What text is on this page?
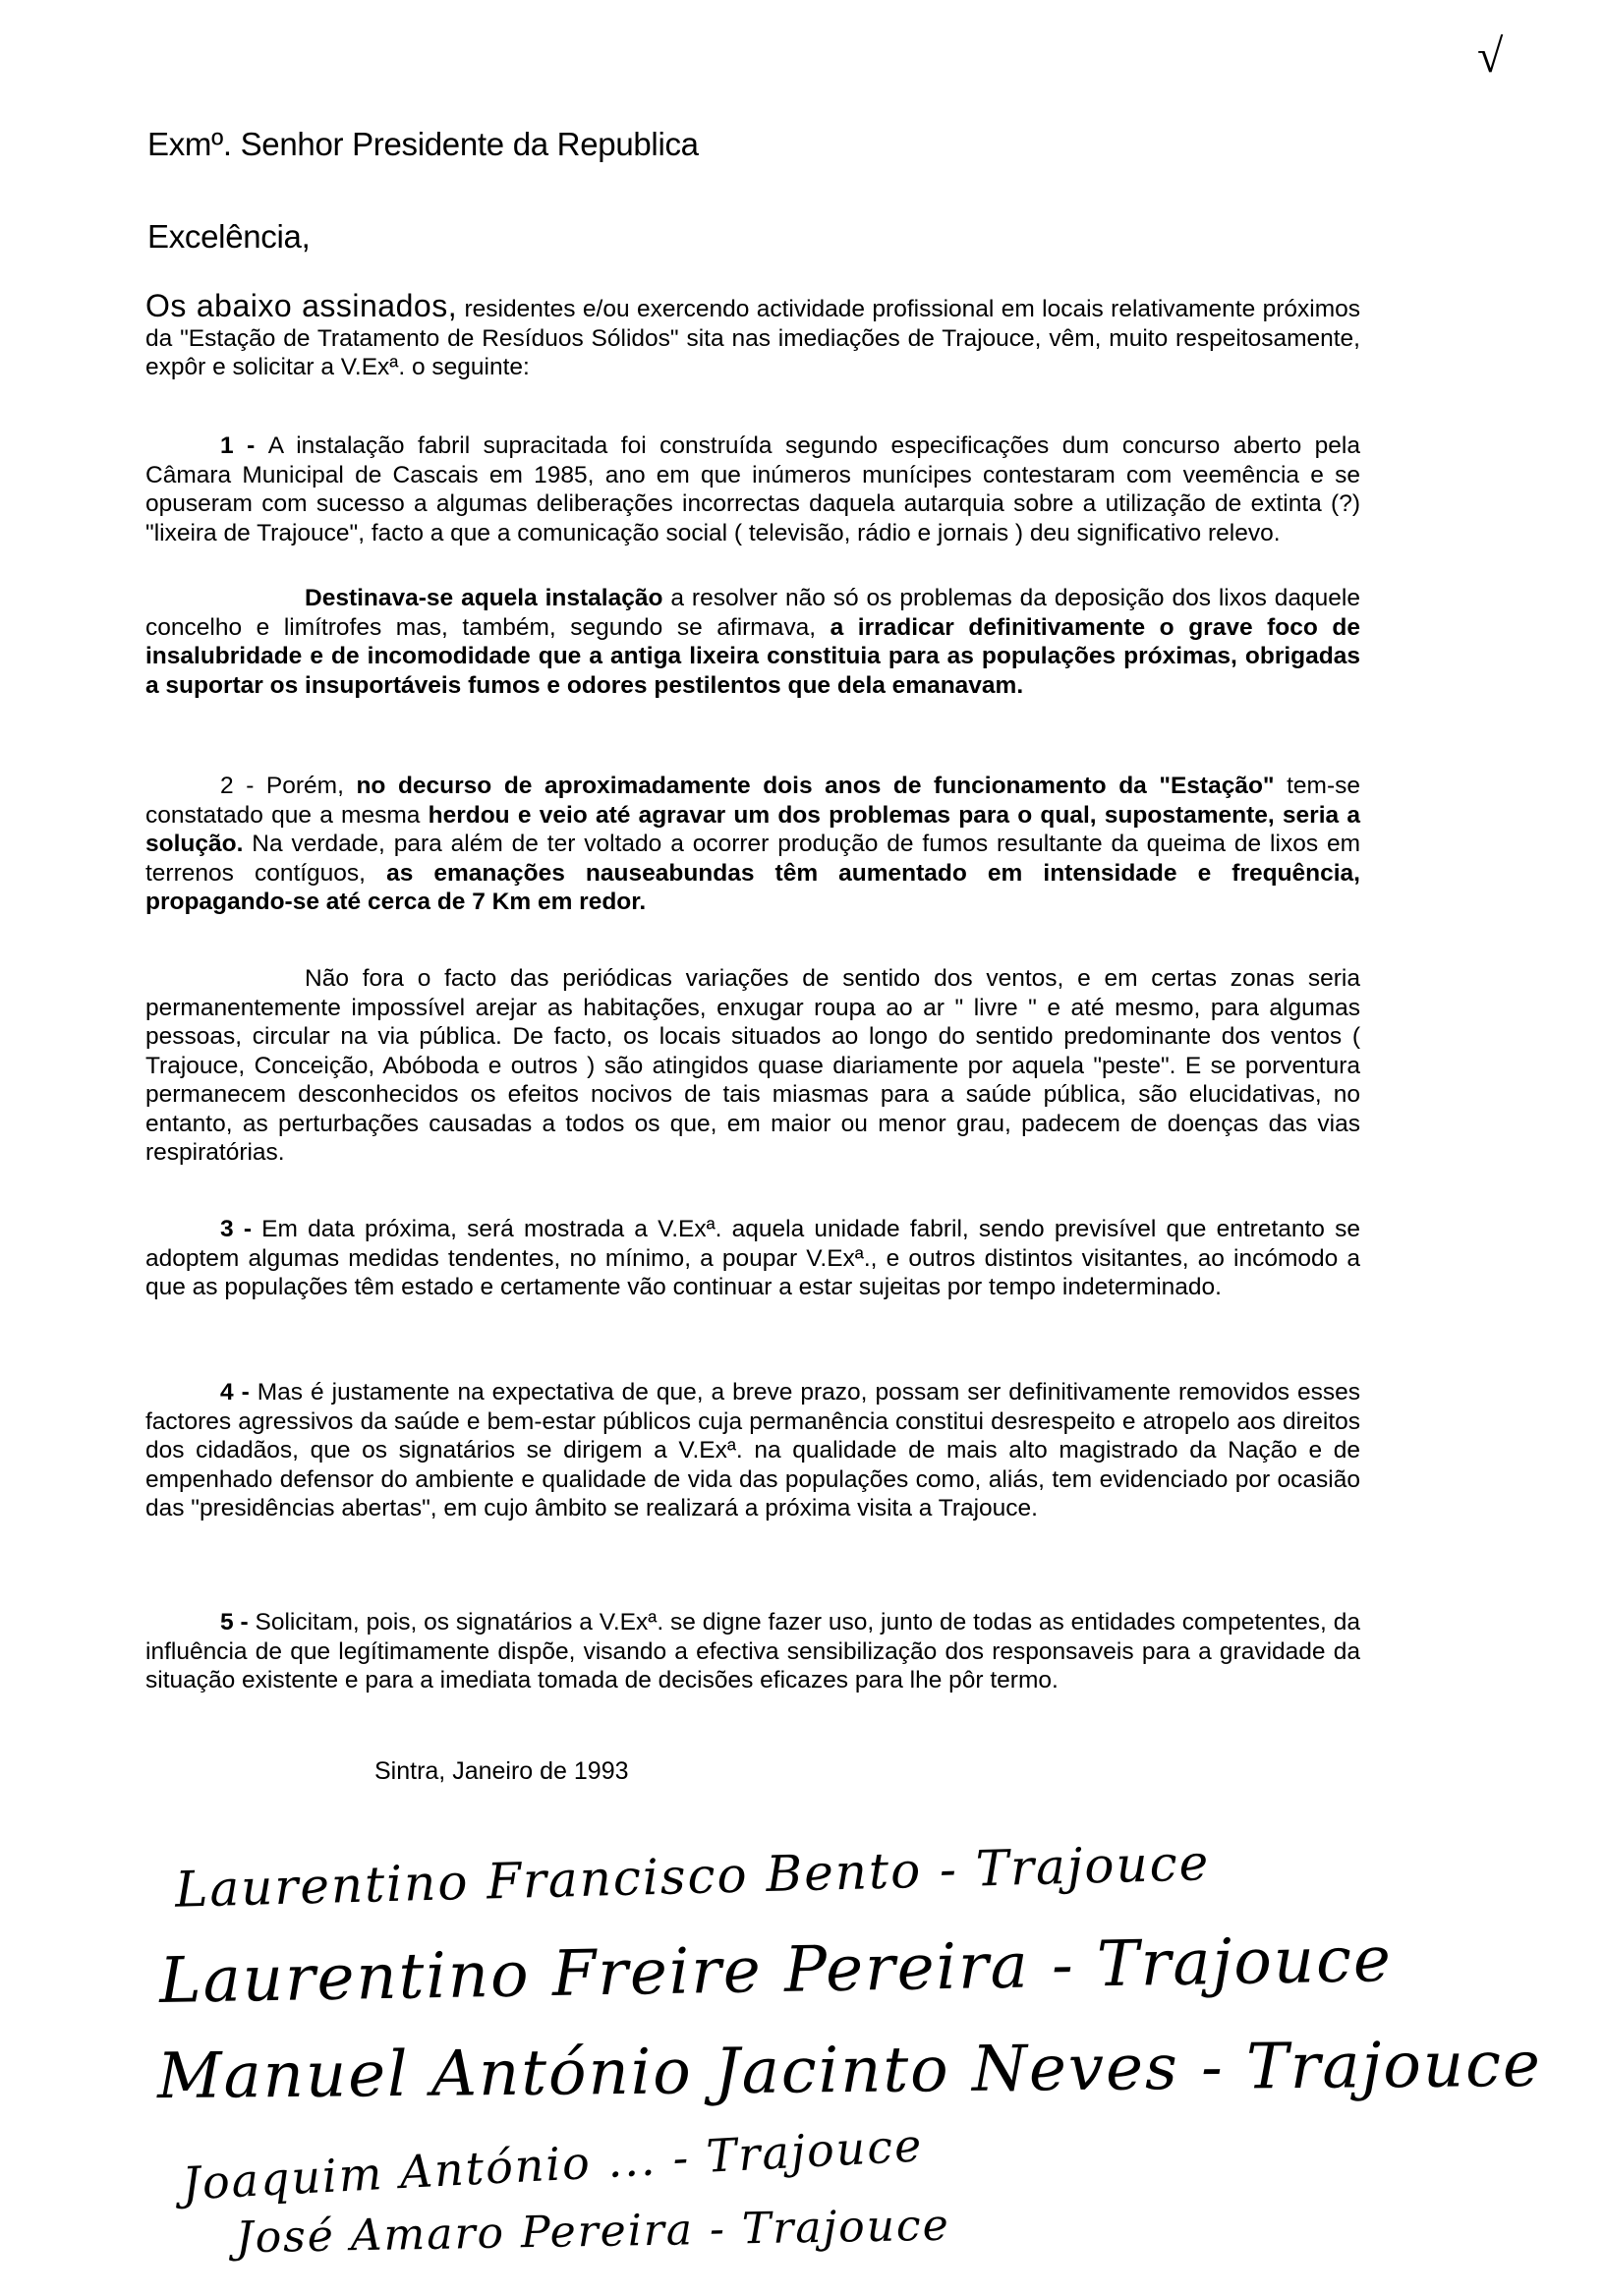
√
Exmº. Senhor Presidente da Republica
Excelência,
Os abaixo assinados, residentes e/ou exercendo actividade profissional em locais relativamente próximos da "Estação de Tratamento de Resíduos Sólidos" sita nas imediações de Trajouce, vêm, muito respeitosamente, expôr e solicitar a V.Exª. o seguinte:
1 - A instalação fabril supracitada foi construída segundo especificações dum concurso aberto pela Câmara Municipal de Cascais em 1985, ano em que inúmeros munícipes contestaram com veemência e se opuseram com sucesso a algumas deliberações incorrectas daquela autarquia sobre a utilização de extinta (?) "lixeira de Trajouce", facto a que a comunicação social ( televisão, rádio e jornais ) deu significativo relevo.
Destinava-se aquela instalação a resolver não só os problemas da deposição dos lixos daquele concelho e limítrofes mas, também, segundo se afirmava, a irradicar definitivamente o grave foco de insalubridade e de incomodidade que a antiga lixeira constituia para as populações próximas, obrigadas a suportar os insuportáveis fumos e odores pestilentos que dela emanavam.
2 - Porém, no decurso de aproximadamente dois anos de funcionamento da "Estação" tem-se constatado que a mesma herdou e veio até agravar um dos problemas para o qual, supostamente, seria a solução. Na verdade, para além de ter voltado a ocorrer produção de fumos resultante da queima de lixos em terrenos contíguos, as emanações nauseabundas têm aumentado em intensidade e frequência, propagando-se até cerca de 7 Km em redor.
Não fora o facto das periódicas variações de sentido dos ventos, e em certas zonas seria permanentemente impossível arejar as habitações, enxugar roupa ao ar " livre " e até mesmo, para algumas pessoas, circular na via pública. De facto, os locais situados ao longo do sentido predominante dos ventos ( Trajouce, Conceição, Abóboda e outros ) são atingidos quase diariamente por aquela "peste". E se porventura permanecem desconhecidos os efeitos nocivos de tais miasmas para a saúde pública, são elucidativas, no entanto, as perturbações causadas a todos os que, em maior ou menor grau, padecem de doenças das vias respiratórias.
3 - Em data próxima, será mostrada a V.Exª. aquela unidade fabril, sendo previsível que entretanto se adoptem algumas medidas tendentes, no mínimo, a poupar V.Exª., e outros distintos visitantes, ao incómodo a que as populações têm estado e certamente vão continuar a estar sujeitas por tempo indeterminado.
4 - Mas é justamente na expectativa de que, a breve prazo, possam ser definitivamente removidos esses factores agressivos da saúde e bem-estar públicos cuja permanência constitui desrespeito e atropelo aos direitos dos cidadãos, que os signatários se dirigem a V.Exª. na qualidade de mais alto magistrado da Nação e de empenhado defensor do ambiente e qualidade de vida das populações como, aliás, tem evidenciado por ocasião das "presidências abertas", em cujo âmbito se realizará a próxima visita a Trajouce.
5 - Solicitam, pois, os signatários a V.Exª. se digne fazer uso, junto de todas as entidades competentes, da influência de que legítimamente dispõe, visando a efectiva sensibilização dos responsaveis para a gravidade da situação existente e para a imediata tomada de decisões eficazes para lhe pôr termo.
Sintra, Janeiro de 1993
Laurentino Francisco Bento - Trajouce
Laurentino Freire Pereira - Trajouce
Manuel António Jacinto Neves - Trajouce
Joaquim António ... - Trajouce
José Amaro Pereira - Trajouce
